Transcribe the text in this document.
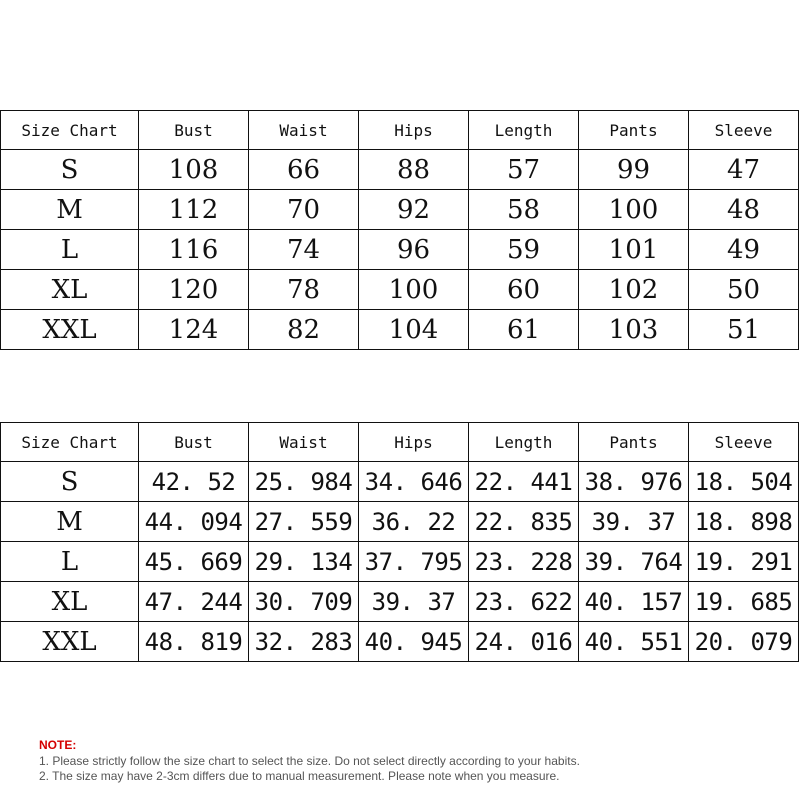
Size Chart	Bust	Waist	Hips	Length	Pants	Sleeve
S	108	66	88	57	99	47
M	112	70	92	58	100	48
L	116	74	96	59	101	49
XL	120	78	100	60	102	50
XXL	124	82	104	61	103	51
Size Chart	Bust	Waist	Hips	Length	Pants	Sleeve
S	42. 52	25. 984	34. 646	22. 441	38. 976	18. 504
M	44. 094	27. 559	36. 22	22. 835	39. 37	18. 898
L	45. 669	29. 134	37. 795	23. 228	39. 764	19. 291
XL	47. 244	30. 709	39. 37	23. 622	40. 157	19. 685
XXL	48. 819	32. 283	40. 945	24. 016	40. 551	20. 079
NOTE:
1. Please strictly follow the size chart to select the size. Do not select directly according to your habits.
2. The size may have 2-3cm differs due to manual measurement. Please note when you measure.
